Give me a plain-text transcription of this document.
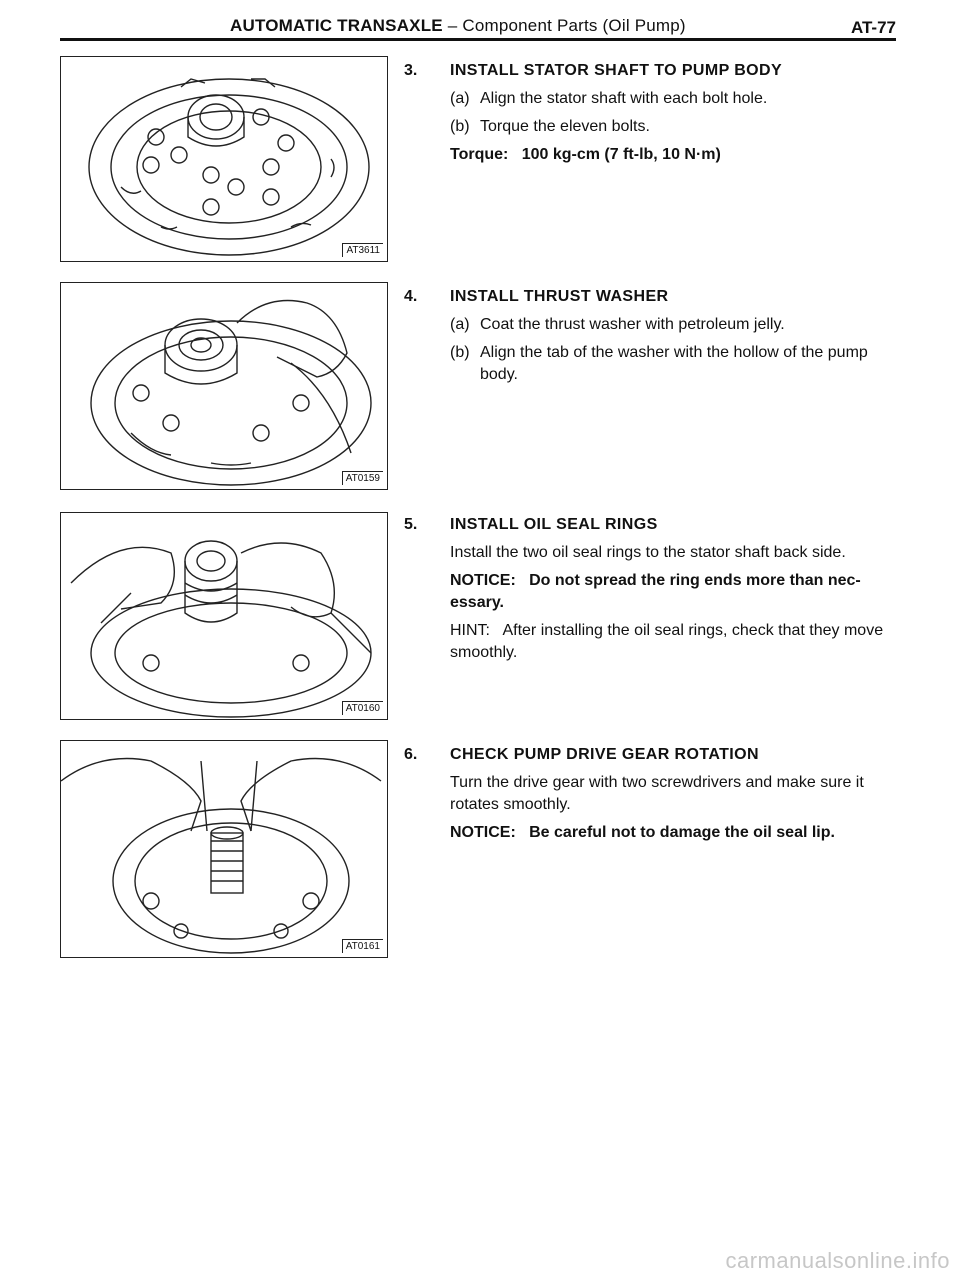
AUTOMATIC TRANSAXLE – Component Parts (Oil Pump)	AT-77
AT3611
AT0159
AT0160
AT0161
3. INSTALL STATOR SHAFT TO PUMP BODY
(a) Align the stator shaft with each bolt hole.
(b) Torque the eleven bolts.
Torque: 100 kg-cm (7 ft-lb, 10 N·m)
4. INSTALL THRUST WASHER
(a) Coat the thrust washer with petroleum jelly.
(b) Align the tab of the washer with the hollow of the pump body.
5. INSTALL OIL SEAL RINGS
Install the two oil seal rings to the stator shaft back side.
NOTICE: Do not spread the ring ends more than nec-essary.
HINT: After installing the oil seal rings, check that they move smoothly.
6. CHECK PUMP DRIVE GEAR ROTATION
Turn the drive gear with two screwdrivers and make sure it rotates smoothly.
NOTICE: Be careful not to damage the oil seal lip.
carmanualsonline.info
